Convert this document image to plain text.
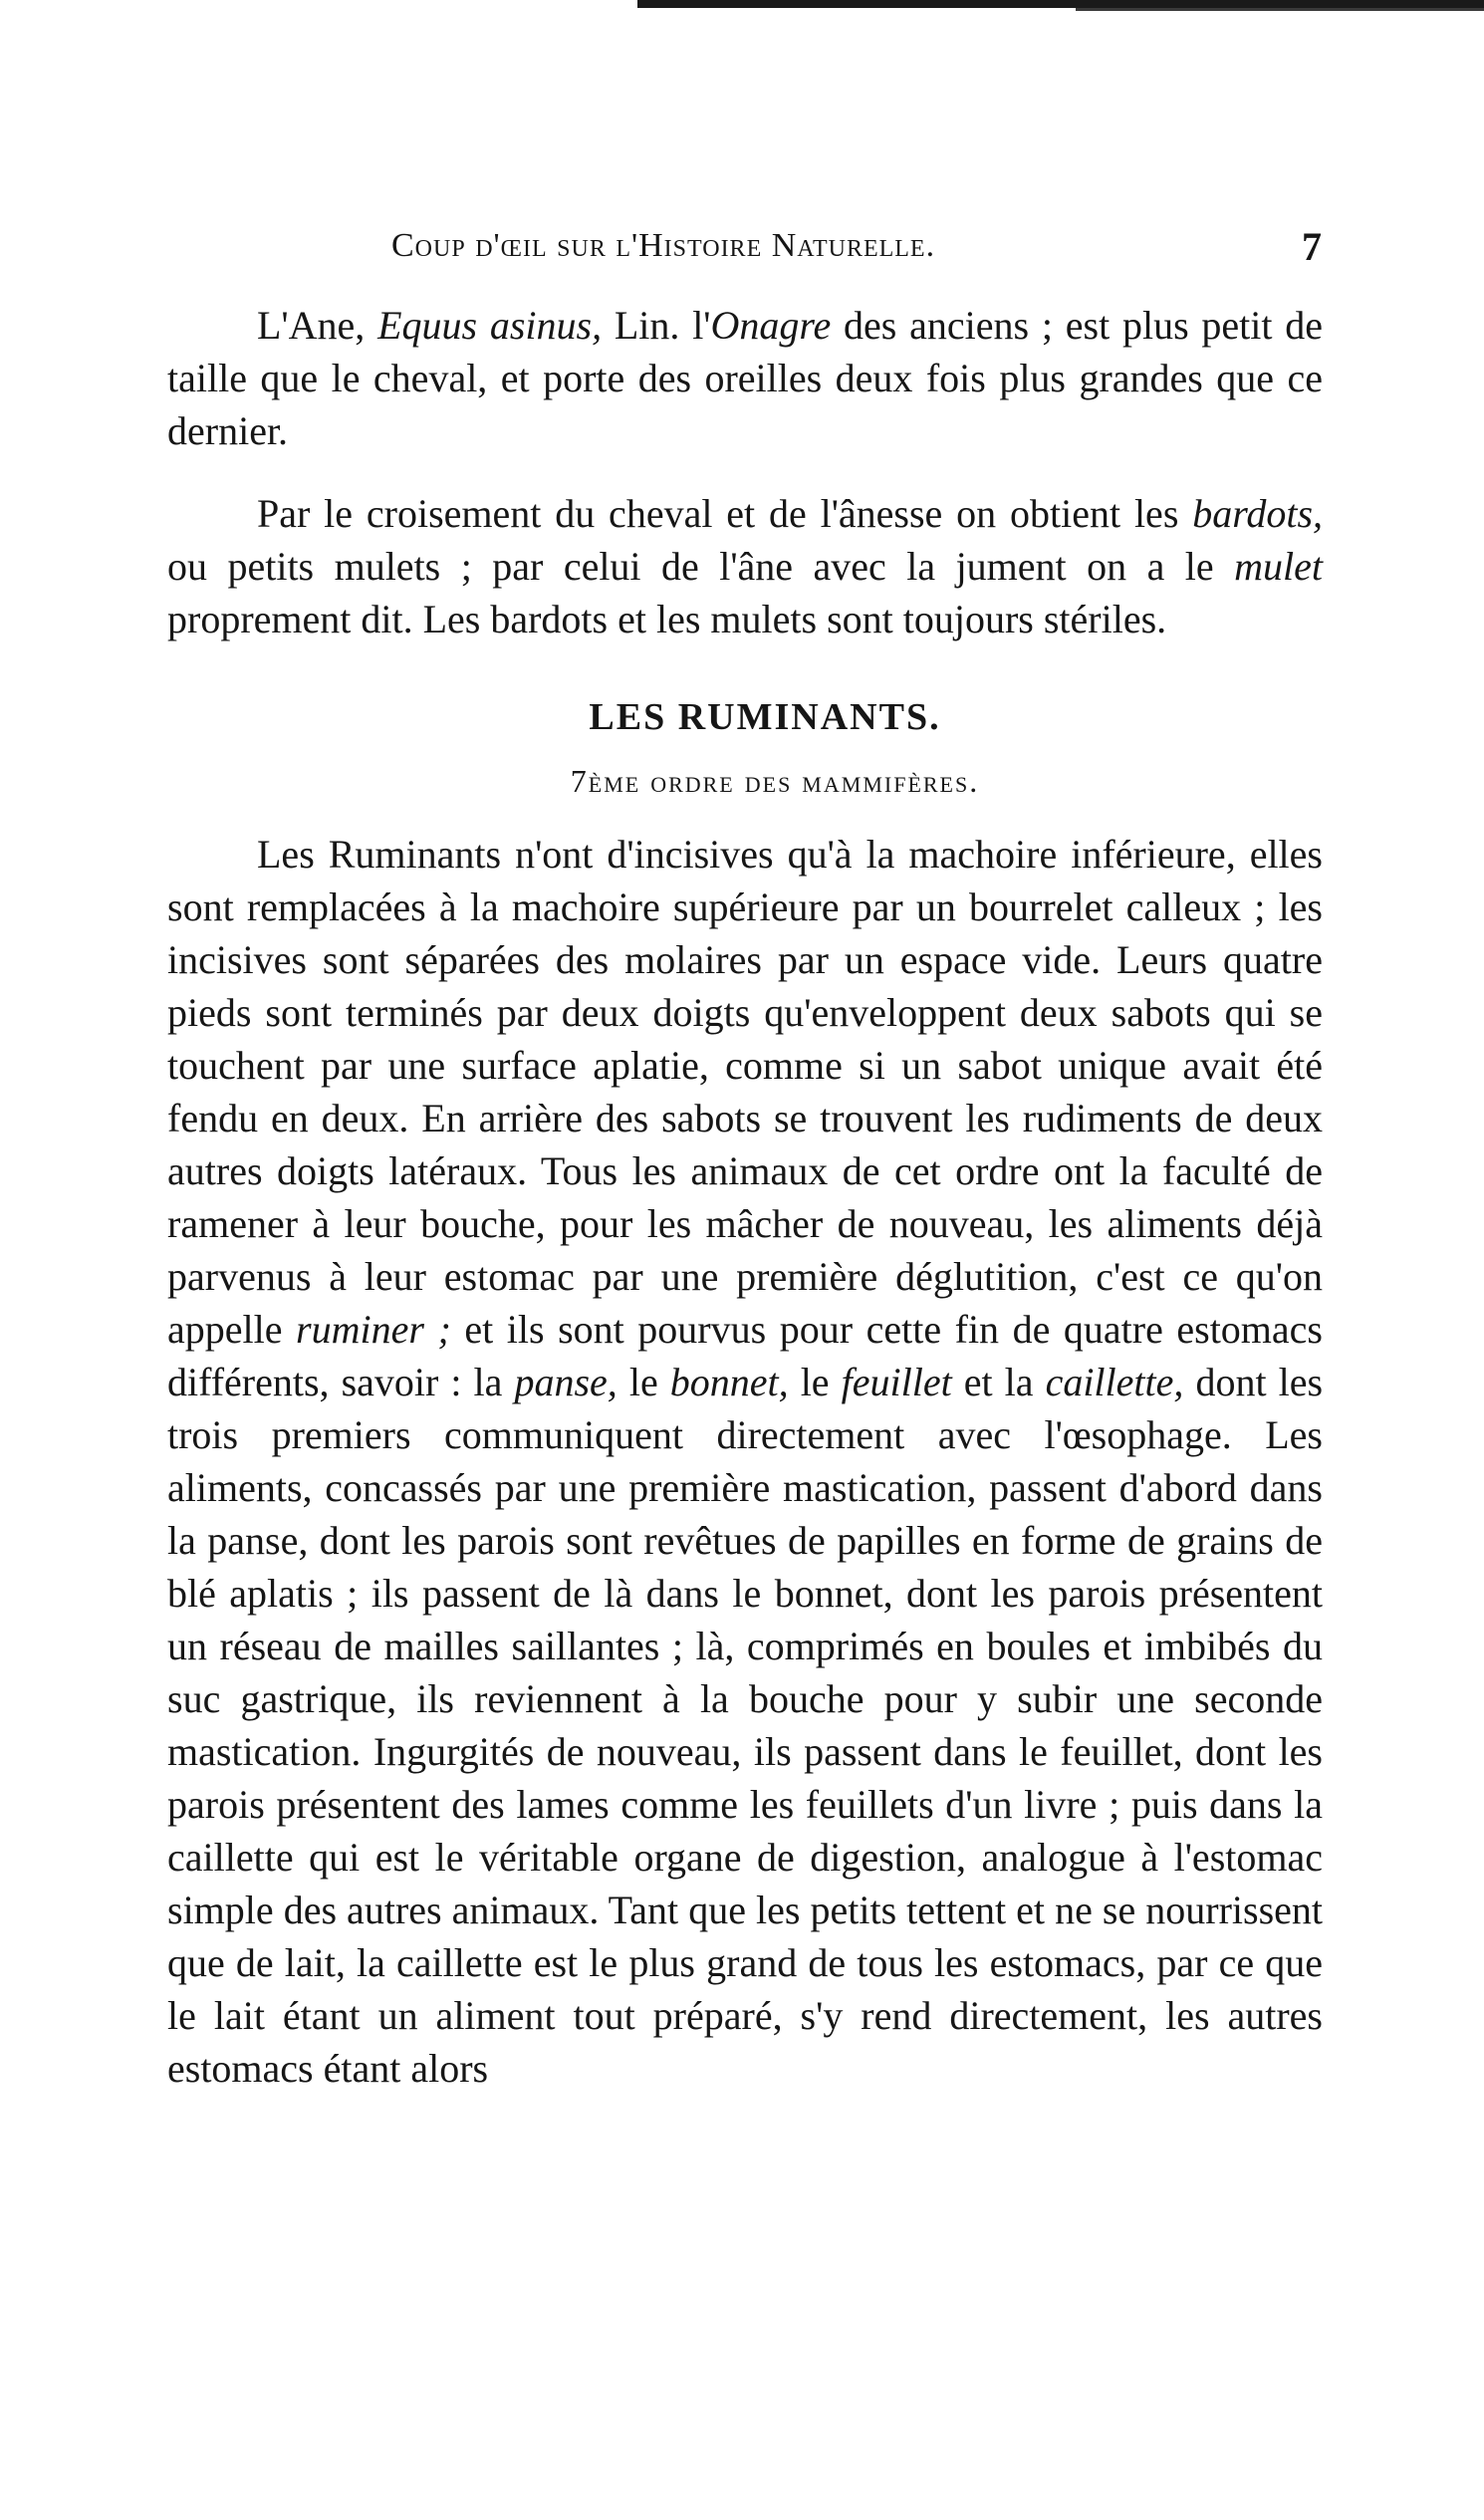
Coup d'œil sur l'Histoire Naturelle.	7

L'Ane, Equus asinus, Lin. l'Onagre des anciens ; est plus petit de taille que le cheval, et porte des oreilles deux fois plus grandes que ce dernier.

Par le croisement du cheval et de l'ânesse on obtient les bardots, ou petits mulets ; par celui de l'âne avec la jument on a le mulet proprement dit. Les bardots et les mulets sont toujours stériles.

LES RUMINANTS.
7ème ordre des mammifères.

Les Ruminants n'ont d'incisives qu'à la machoire inférieure, elles sont remplacées à la machoire supérieure par un bourrelet calleux ; les incisives sont séparées des molaires par un espace vide. Leurs quatre pieds sont terminés par deux doigts qu'enveloppent deux sabots qui se touchent par une surface aplatie, comme si un sabot unique avait été fendu en deux. En arrière des sabots se trouvent les rudiments de deux autres doigts latéraux. Tous les animaux de cet ordre ont la faculté de ramener à leur bouche, pour les mâcher de nouveau, les aliments déjà parvenus à leur estomac par une première déglutition, c'est ce qu'on appelle ruminer ; et ils sont pourvus pour cette fin de quatre estomacs différents, savoir : la panse, le bonnet, le feuillet et la caillette, dont les trois premiers communiquent directement avec l'œsophage. Les aliments, concassés par une première mastication, passent d'abord dans la panse, dont les parois sont revêtues de papilles en forme de grains de blé aplatis ; ils passent de là dans le bonnet, dont les parois présentent un réseau de mailles saillantes ; là, comprimés en boules et imbibés du suc gastrique, ils reviennent à la bouche pour y subir une seconde mastication. Ingurgités de nouveau, ils passent dans le feuillet, dont les parois présentent des lames comme les feuillets d'un livre ; puis dans la caillette qui est le véritable organe de digestion, analogue à l'estomac simple des autres animaux. Tant que les petits tettent et ne se nourrissent que de lait, la caillette est le plus grand de tous les estomacs, par ce que le lait étant un aliment tout préparé, s'y rend directement, les autres estomacs étant alors
